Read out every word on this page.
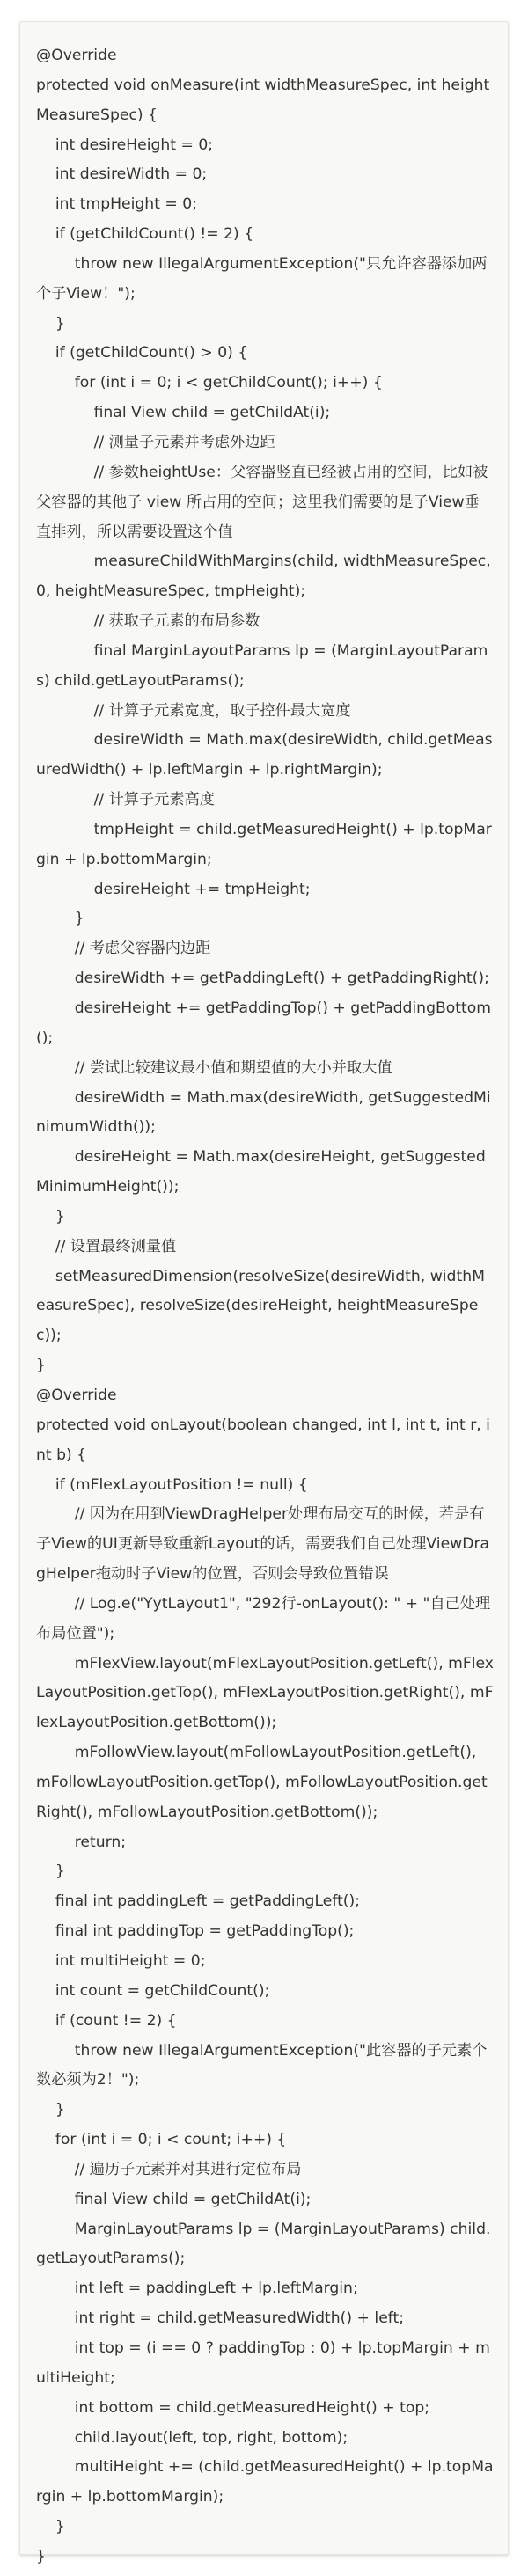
@Override
protected void onMeasure(int widthMeasureSpec, int heightMeasureSpec) {
int desireHeight = 0;
int desireWidth = 0;
int tmpHeight = 0;
if (getChildCount() != 2) {
throw new IllegalArgumentException("只允许容器添加两个子View！");
}
if (getChildCount() > 0) {
for (int i = 0; i < getChildCount(); i++) {
final View child = getChildAt(i);
// 测量子元素并考虑外边距
// 参数heightUse：父容器竖直已经被占用的空间，比如被父容器的其他子 view 所占用的空间；这里我们需要的是子View垂直排列，所以需要设置这个值
measureChildWithMargins(child, widthMeasureSpec, 0, heightMeasureSpec, tmpHeight);
// 获取子元素的布局参数
final MarginLayoutParams lp = (MarginLayoutParams) child.getLayoutParams();
// 计算子元素宽度，取子控件最大宽度
desireWidth = Math.max(desireWidth, child.getMeasuredWidth() + lp.leftMargin + lp.rightMargin);
// 计算子元素高度
tmpHeight = child.getMeasuredHeight() + lp.topMargin + lp.bottomMargin;
desireHeight += tmpHeight;
}
// 考虑父容器内边距
desireWidth += getPaddingLeft() + getPaddingRight();
desireHeight += getPaddingTop() + getPaddingBottom();
// 尝试比较建议最小值和期望值的大小并取大值
desireWidth = Math.max(desireWidth, getSuggestedMinimumWidth());
desireHeight = Math.max(desireHeight, getSuggestedMinimumHeight());
}
// 设置最终测量值
setMeasuredDimension(resolveSize(desireWidth, widthMeasureSpec), resolveSize(desireHeight, heightMeasureSpec));
}
@Override
protected void onLayout(boolean changed, int l, int t, int r, int b) {
if (mFlexLayoutPosition != null) {
// 因为在用到ViewDragHelper处理布局交互的时候，若是有子View的UI更新导致重新Layout的话，需要我们自己处理ViewDragHelper拖动时子View的位置，否则会导致位置错误
// Log.e("YytLayout1", "292行-onLayout(): " + "自己处理布局位置");
mFlexView.layout(mFlexLayoutPosition.getLeft(), mFlexLayoutPosition.getTop(), mFlexLayoutPosition.getRight(), mFlexLayoutPosition.getBottom());
mFollowView.layout(mFollowLayoutPosition.getLeft(), mFollowLayoutPosition.getTop(), mFollowLayoutPosition.getRight(), mFollowLayoutPosition.getBottom());
return;
}
final int paddingLeft = getPaddingLeft();
final int paddingTop = getPaddingTop();
int multiHeight = 0;
int count = getChildCount();
if (count != 2) {
throw new IllegalArgumentException("此容器的子元素个数必须为2！");
}
for (int i = 0; i < count; i++) {
// 遍历子元素并对其进行定位布局
final View child = getChildAt(i);
MarginLayoutParams lp = (MarginLayoutParams) child.getLayoutParams();
int left = paddingLeft + lp.leftMargin;
int right = child.getMeasuredWidth() + left;
int top = (i == 0 ? paddingTop : 0) + lp.topMargin + multiHeight;
int bottom = child.getMeasuredHeight() + top;
child.layout(left, top, right, bottom);
multiHeight += (child.getMeasuredHeight() + lp.topMargin + lp.bottomMargin);
}
}
